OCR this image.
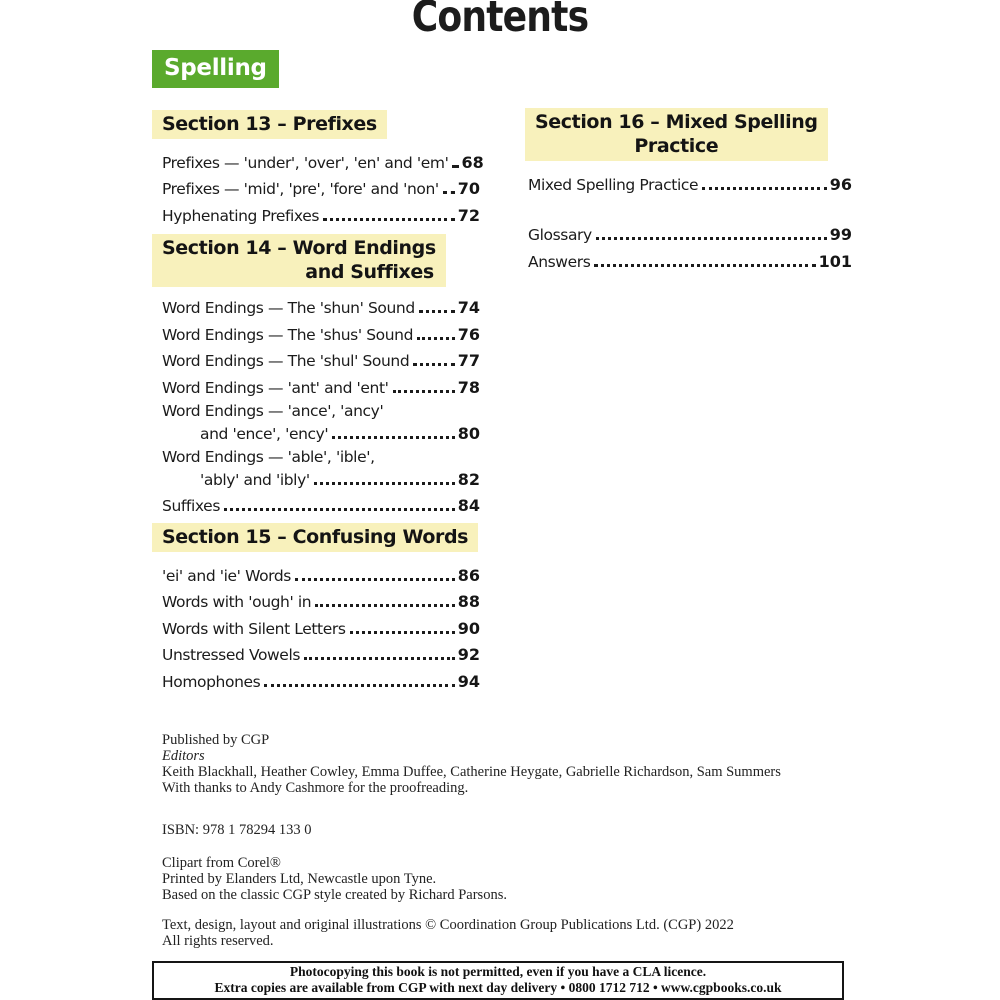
Contents
Spelling
Section 13 – Prefixes
Prefixes — 'under', 'over', 'en' and 'em' 68
Prefixes — 'mid', 'pre', 'fore' and 'non' 70
Hyphenating Prefixes	72
Section 14 – Word Endings
and Suffixes
Word Endings — The 'shun' Sound	74
Word Endings — The 'shus' Sound	76
Word Endings — The 'shul' Sound	77
Word Endings — 'ant' and 'ent'	78
Word Endings — 'ance', 'ancy'
and 'ence', 'ency'	80
Word Endings — 'able', 'ible',
'ably' and 'ibly'	82
Suffixes	84
Section 15 – Confusing Words
'ei' and 'ie' Words	86
Words with 'ough' in	88
Words with Silent Letters	90
Unstressed Vowels	92
Homophones	94
Section 16 – Mixed Spelling
Practice
Mixed Spelling Practice	96
Glossary	99
Answers	101
Published by CGP
Editors
Keith Blackhall, Heather Cowley, Emma Duffee, Catherine Heygate, Gabrielle Richardson, Sam Summers
With thanks to Andy Cashmore for the proofreading.
ISBN: 978 1 78294 133 0
Clipart from Corel®
Printed by Elanders Ltd, Newcastle upon Tyne.
Based on the classic CGP style created by Richard Parsons.
Text, design, layout and original illustrations © Coordination Group Publications Ltd. (CGP) 2022
All rights reserved.
Photocopying this book is not permitted, even if you have a CLA licence.
Extra copies are available from CGP with next day delivery • 0800 1712 712 • www.cgpbooks.co.uk
